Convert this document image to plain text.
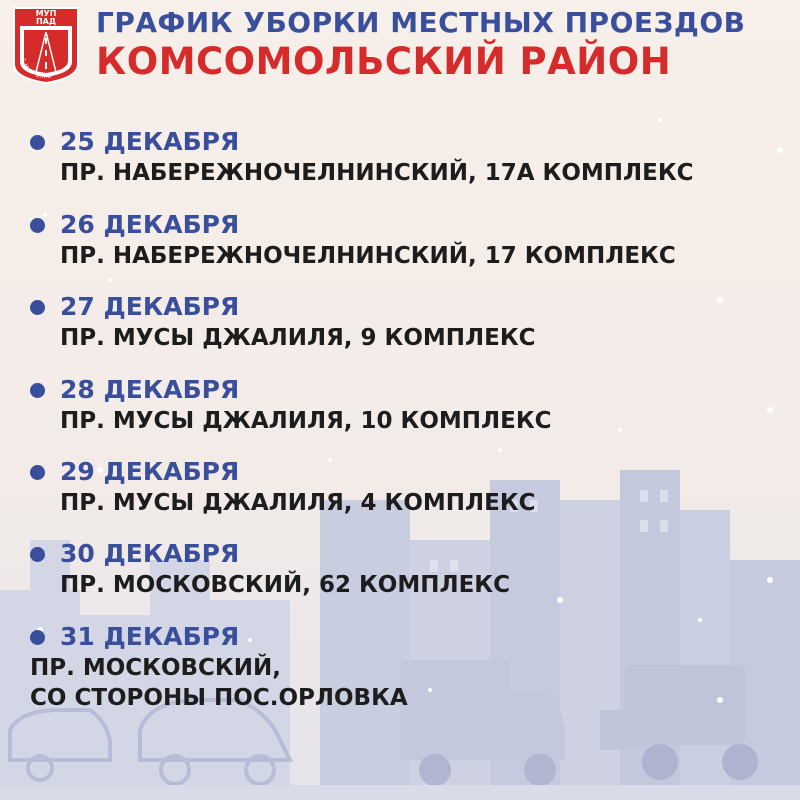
МУП
ПАД
г. Наб. Челны
ГРАФИК УБОРКИ МЕСТНЫХ ПРОЕЗДОВ
КОМСОМОЛЬСКИЙ РАЙОН
25 ДЕКАБРЯ
ПР. НАБЕРЕЖНОЧЕЛНИНСКИЙ, 17А КОМПЛЕКС
26 ДЕКАБРЯ
ПР. НАБЕРЕЖНОЧЕЛНИНСКИЙ, 17 КОМПЛЕКС
27 ДЕКАБРЯ
ПР. МУСЫ ДЖАЛИЛЯ, 9 КОМПЛЕКС
28 ДЕКАБРЯ
ПР. МУСЫ ДЖАЛИЛЯ, 10 КОМПЛЕКС
29 ДЕКАБРЯ
ПР. МУСЫ ДЖАЛИЛЯ, 4 КОМПЛЕКС
30 ДЕКАБРЯ
ПР. МОСКОВСКИЙ, 62 КОМПЛЕКС
31 ДЕКАБРЯ
ПР. МОСКОВСКИЙ,
СО СТОРОНЫ ПОС.ОРЛОВКА
